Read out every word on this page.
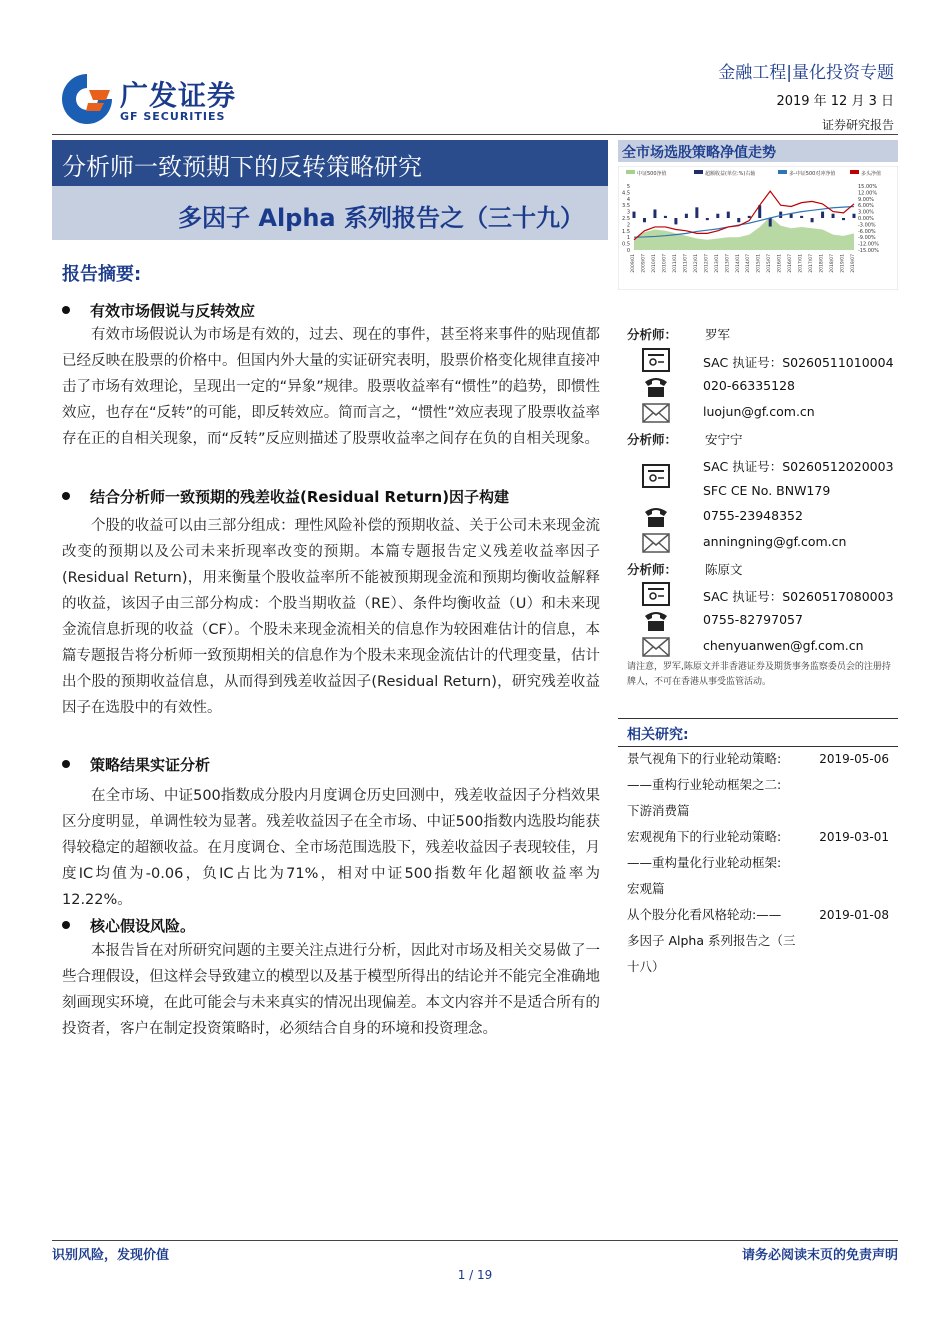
广发证券
GF SECURITIES
金融工程|量化投资专题
2019 年 12 月 3 日
证券研究报告
分析师一致预期下的反转策略研究
多因子 Alpha 系列报告之（三十九）
全市场选股策略净值走势
中证500净值	超额收益(单位:%)右轴	多-中证500对冲净值	多头净值
5
4.5
4
3.5
3
2.5
2
1.5
1
0.5
0
15.00%
12.00%
9.00%
6.00%
3.00%
0.00%
-3.00%
-6.00%
-9.00%
-12.00%
-15.00%
2009/01 2009/07 2010/01 2010/07 2011/01 2011/07 2012/01 2012/07 2013/01 2013/07 2014/01 2014/07 2015/01 2015/07 2016/01 2016/07 2017/01 2017/07 2018/01 2018/07 2019/01 2019/07
报告摘要:
有效市场假说与反转效应
有效市场假说认为市场是有效的，过去、现在的事件，甚至将来事件的贴现值都已经反映在股票的价格中。但国内外大量的实证研究表明，股票价格变化规律直接冲击了市场有效理论，呈现出一定的“异象”规律。股票收益率有“惯性”的趋势，即惯性效应，也存在“反转”的可能，即反转效应。简而言之，“惯性”效应表现了股票收益率存在正的自相关现象，而“反转”反应则描述了股票收益率之间存在负的自相关现象。
结合分析师一致预期的残差收益(Residual Return)因子构建
个股的收益可以由三部分组成：理性风险补偿的预期收益、关于公司未来现金流改变的预期以及公司未来折现率改变的预期。本篇专题报告定义残差收益率因子(Residual Return)，用来衡量个股收益率所不能被预期现金流和预期均衡收益解释的收益，该因子由三部分构成：个股当期收益（RE）、条件均衡收益（U）和未来现金流信息折现的收益（CF）。个股未来现金流相关的信息作为较困难估计的信息，本篇专题报告将分析师一致预期相关的信息作为个股未来现金流估计的代理变量，估计出个股的预期收益信息，从而得到残差收益因子(Residual Return)，研究残差收益因子在选股中的有效性。
策略结果实证分析
在全市场、中证500指数成分股内月度调仓历史回测中，残差收益因子分档效果区分度明显，单调性较为显著。残差收益因子在全市场、中证500指数内选股均能获得较稳定的超额收益。在月度调仓、全市场范围选股下，残差收益因子表现较佳，月度IC均值为-0.06，负IC占比为71%，相对中证500指数年化超额收益率为12.22%。
核心假设风险。
本报告旨在对所研究问题的主要关注点进行分析，因此对市场及相关交易做了一些合理假设，但这样会导致建立的模型以及基于模型所得出的结论并不能完全准确地刻画现实环境，在此可能会与未来真实的情况出现偏差。本文内容并不是适合所有的投资者，客户在制定投资策略时，必须结合自身的环境和投资理念。
分析师： 罗军
SAC 执证号：S0260511010004
020-66335128
luojun@gf.com.cn
分析师： 安宁宁
SAC 执证号：S0260512020003
SFC CE No. BNW179
0755-23948352
anningning@gf.com.cn
分析师： 陈原文
SAC 执证号：S0260517080003
0755-82797057
chenyuanwen@gf.com.cn
请注意，罗军,陈原文并非香港证券及期货事务监察委员会的注册持牌人，不可在香港从事受监管活动。
相关研究:
景气视角下的行业轮动策略:
——重构行业轮动框架之二:
下游消费篇
2019-05-06
宏观视角下的行业轮动策略:
——重构量化行业轮动框架:
宏观篇
2019-03-01
从个股分化看风格轮动:——
多因子 Alpha 系列报告之（三
十八）
2019-01-08
识别风险，发现价值	请务必阅读末页的免责声明
1 / 19
